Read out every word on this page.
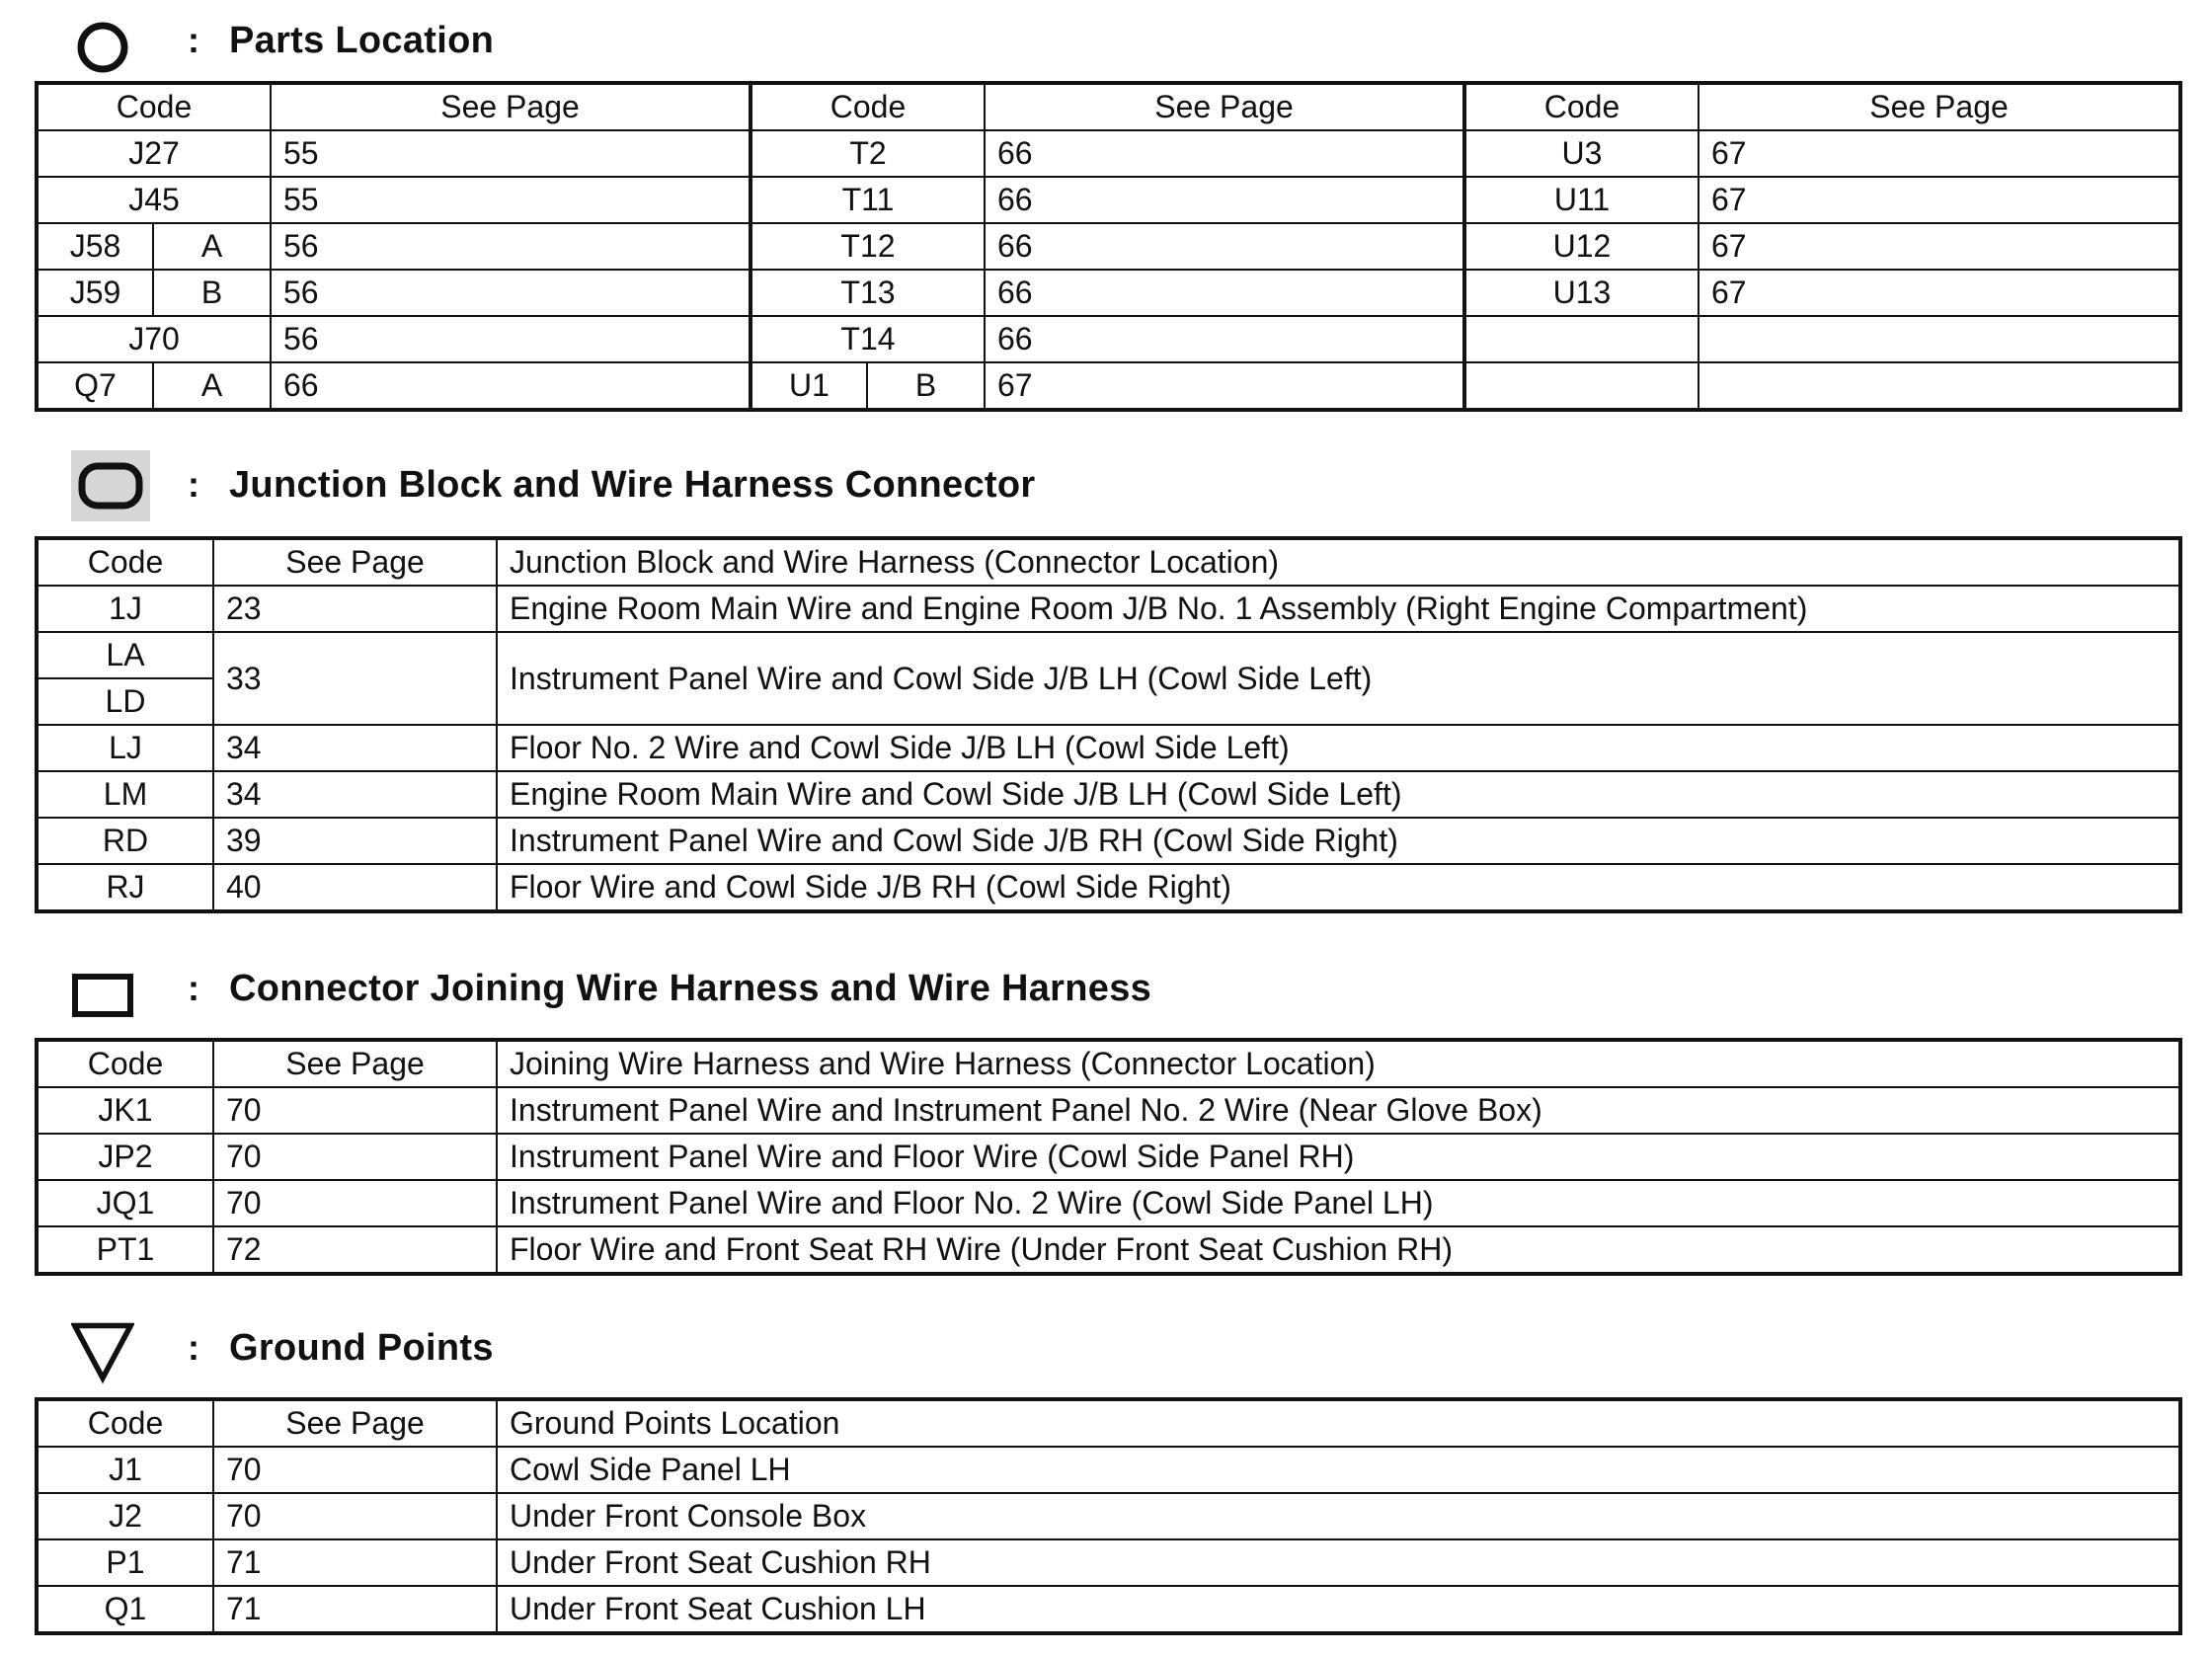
: Parts Location
Code		See Page	Code		See Page	Code	See Page
J27		55	T2		66	U3	67
J45		55	T11		66	U11	67
J58	A	56	T12		66	U12	67
J59	B	56	T13		66	U13	67
J70		56	T14		66		
Q7	A	66	U1	B	67		
: Junction Block and Wire Harness Connector
Code	See Page	Junction Block and Wire Harness (Connector Location)
1J	23	Engine Room Main Wire and Engine Room J/B No. 1 Assembly (Right Engine Compartment)
LA	33	Instrument Panel Wire and Cowl Side J/B LH (Cowl Side Left)
LD		
LJ	34	Floor No. 2 Wire and Cowl Side J/B LH (Cowl Side Left)
LM	34	Engine Room Main Wire and Cowl Side J/B LH (Cowl Side Left)
RD	39	Instrument Panel Wire and Cowl Side J/B RH (Cowl Side Right)
RJ	40	Floor Wire and Cowl Side J/B RH (Cowl Side Right)
: Connector Joining Wire Harness and Wire Harness
Code	See Page	Joining Wire Harness and Wire Harness (Connector Location)
JK1	70	Instrument Panel Wire and Instrument Panel No. 2 Wire (Near Glove Box)
JP2	70	Instrument Panel Wire and Floor Wire (Cowl Side Panel RH)
JQ1	70	Instrument Panel Wire and Floor No. 2 Wire (Cowl Side Panel LH)
PT1	72	Floor Wire and Front Seat RH Wire (Under Front Seat Cushion RH)
: Ground Points
Code	See Page	Ground Points Location
J1	70	Cowl Side Panel LH
J2	70	Under Front Console Box
P1	71	Under Front Seat Cushion RH
Q1	71	Under Front Seat Cushion LH
